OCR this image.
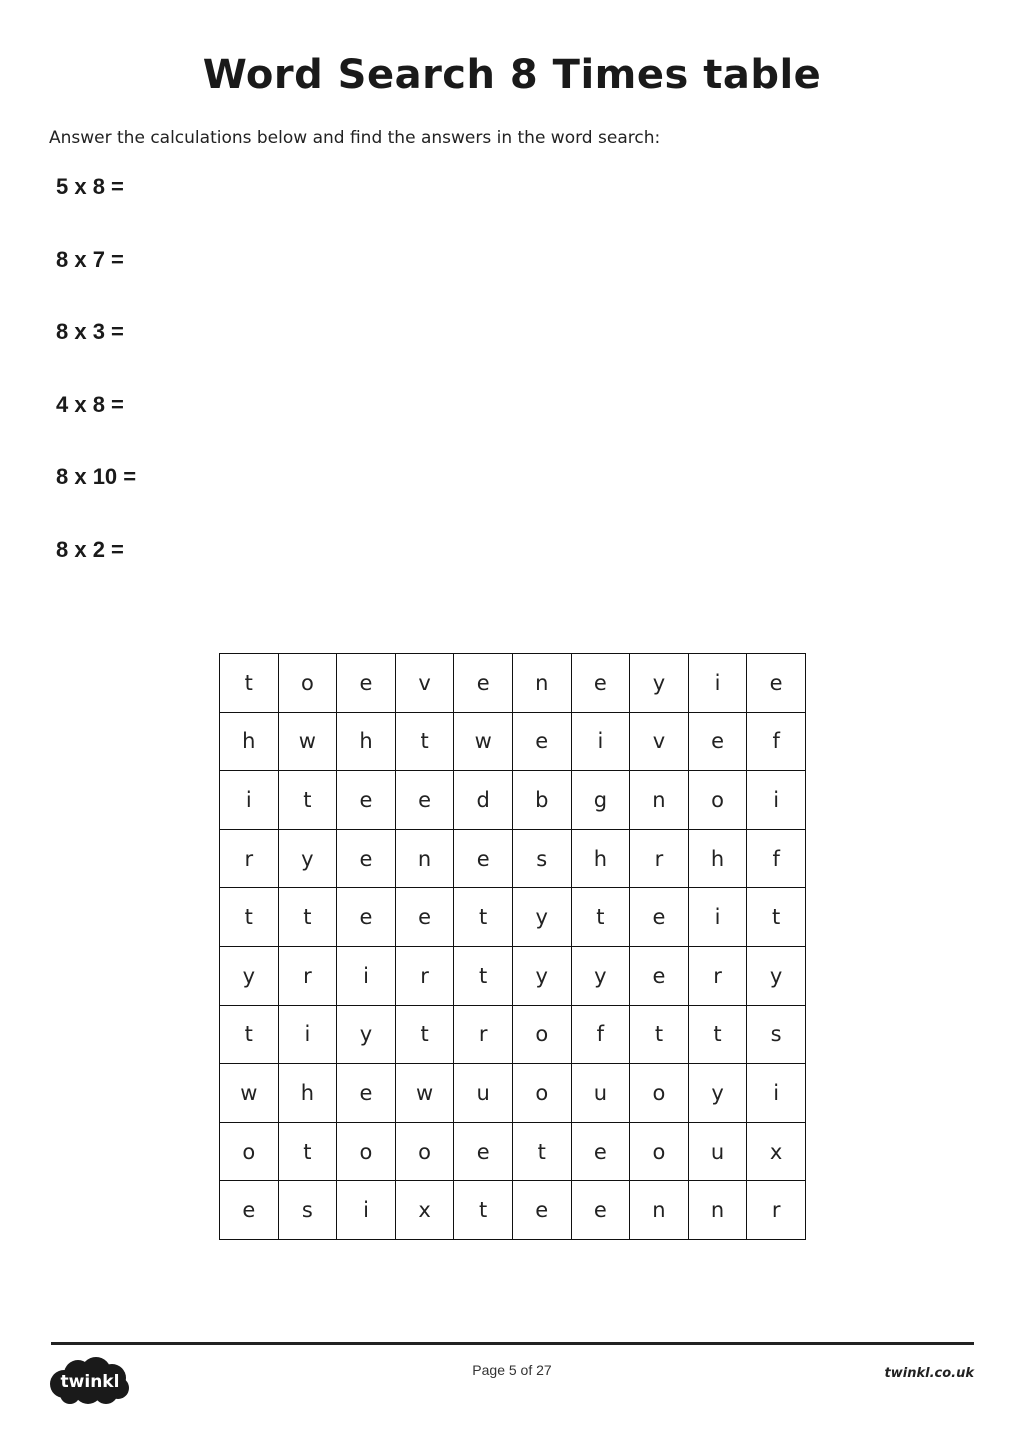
Word Search 8 Times table

Answer the calculations below and find the answers in the word search:

5 x 8 =
8 x 7 =
8 x 3 =
4 x 8 =
8 x 10 =
8 x 2 =
t	o	e	v	e	n	e	y	i	e
h	w	h	t	w	e	i	v	e	f
i	t	e	e	d	b	g	n	o	i
r	y	e	n	e	s	h	r	h	f
t	t	e	e	t	y	t	e	i	t
y	r	i	r	t	y	y	e	r	y
t	i	y	t	r	o	f	t	t	s
w	h	e	w	u	o	u	o	y	i
o	t	o	o	e	t	e	o	u	x
e	s	i	x	t	e	e	n	n	r
twinkl
Page 5 of 27	twinkl.co.uk
